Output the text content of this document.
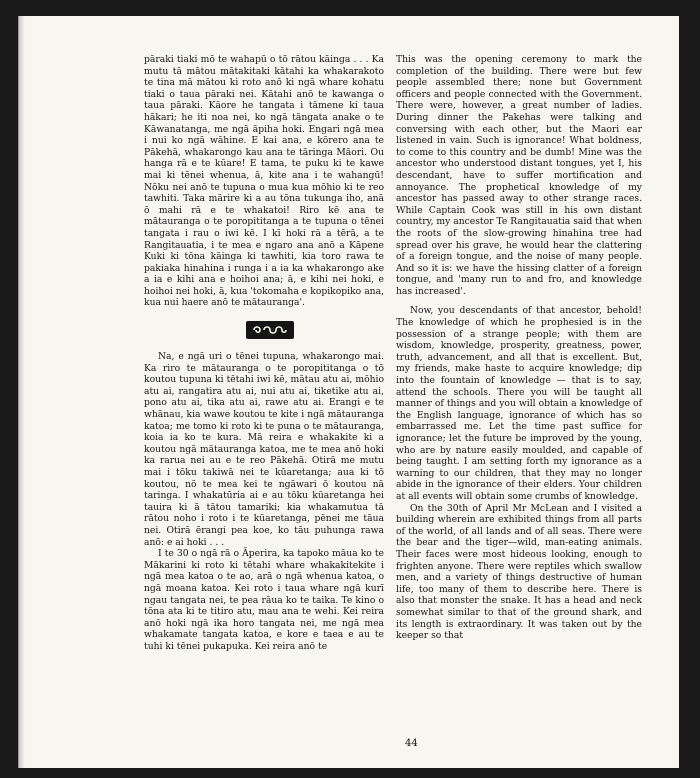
pāraki tiaki mō te wahapū o tō rātou kāinga . . . Ka mutu tā mātou mātakitaki kātahi ka whakarakoto te tina mā mātou ki roto anō ki ngā whare kohatu tiaki o taua pāraki nei. Kātahi anō te kawanga o taua pāraki. Kāore he tangata i tāmene ki taua hākari; he iti noa nei, ko ngā tāngata anake o te Kāwanatanga, me ngā āpiha hoki. Engari ngā mea i nui ko ngā wāhine. E kai ana, e kōrero ana te Pākehā, whakarongo kau ana te tāringa Māori. Ou hanga rā e te kūare! E tama, te puku ki te kawe mai ki tēnei whenua, ā, kite ana i te wahangū! Nōku nei anō te tupuna o mua kua mōhio ki te reo tawhiti. Taka mārire ki a au tōna tukunga iho, anā ō mahi rā e te whakatoi! Riro kē ana te mātauranga o te poropititanga a te tupuna o tēnei tangata i rau o iwi kē. I kī hoki rā a tērā, a te Rangitauatia, i te mea e ngaro ana anō a Kāpene Kuki ki tōna kāinga ki tawhiti, kia toro rawa te pakiaka hinahina i runga i a ia ka whakarongo ake a ia e kihi ana e hoihoi ana; ā, e kihi nei hoki, e hoihoi nei hoki, ā, kua 'tokomaha e kopikopiko ana, kua nui haere anō te mātauranga'.

Na, e ngā uri o tēnei tupuna, whakarongo mai. Ka riro te mātauranga o te poropititanga o tō koutou tupuna ki tētahi iwi kē, mātau atu ai, mōhio atu ai, rangatira atu ai, nui atu ai, tiketike atu ai, pono atu ai, tika atu ai, rawe atu ai. Erangi e te whānau, kia wawe koutou te kite i ngā mātauranga katoa; me tomo ki roto ki te puna o te mātauranga, koia ia ko te kura. Mā reira e whakakite ki a koutou ngā mātauranga katoa, me te mea anō hoki ka rarua nei au e te reo Pākehā. Otirā me mutu mai i tōku takiwā nei te kūaretanga; aua ki tō koutou, nō te mea kei te ngāwari ō koutou nā taringa. I whakatūria ai e au tōku kūaretanga hei tauira ki ā tātou tamariki; kia whakamutua tā rātou noho i roto i te kūaretanga, pēnei me tāua nei. Otirā ērangi pea koe, ko tāu puhunga rawa anō: e ai hoki . . .

I te 30 o ngā rā o Āperira, ka tapoko māua ko te Mākarini ki roto ki tētahi whare whakakitekite i ngā mea katoa o te ao, arā o ngā whenua katoa, o ngā moana katoa. Kei roto i taua whare ngā kurī ngau tangata nei, te pea rāua ko te taika. Te kino o tōna ata ki te titiro atu, mau ana te wehi. Kei reira anō hoki ngā ika horo tangata nei, me ngā mea whakamate tangata katoa, e kore e taea e au te tuhi ki tēnei pukapuka. Kei reira anō te

This was the opening ceremony to mark the completion of the building. There were but few people assembled there; none but Government officers and people connected with the Government. There were, however, a great number of ladies. During dinner the Pakehas were talking and conversing with each other, but the Maori ear listened in vain. Such is ignorance! What boldness, to come to this country and be dumb! Mine was the ancestor who understood distant tongues, yet I, his descendant, have to suffer mortification and annoyance. The prophetical knowledge of my ancestor has passed away to other strange races. While Captain Cook was still in his own distant country, my ancestor Te Rangitauatia said that when the roots of the slow-growing hinahina tree had spread over his grave, he would hear the clattering of a foreign tongue, and the noise of many people. And so it is: we have the hissing clatter of a foreign tongue, and 'many run to and fro, and knowledge has increased'.

Now, you descendants of that ancestor, behold! The knowledge of which he prophesied is in the possession of a strange people; with them are wisdom, knowledge, prosperity, greatness, power, truth, advancement, and all that is excellent. But, my friends, make haste to acquire knowledge; dip into the fountain of knowledge — that is to say, attend the schools. There you will be taught all manner of things and you will obtain a knowledge of the English language, ignorance of which has so embarrassed me. Let the time past suffice for ignorance; let the future be improved by the young, who are by nature easily moulded, and capable of being taught. I am setting forth my ignorance as a warning to our children, that they may no longer abide in the ignorance of their elders. Your children at all events will obtain some crumbs of knowledge.

On the 30th of April Mr McLean and I visited a building wherein are exhibited things from all parts of the world, of all lands and of all seas. There were the bear and the tiger—wild, man-eating animals. Their faces were most hideous looking, enough to frighten anyone. There were reptiles which swallow men, and a variety of things destructive of human life, too many of them to describe here. There is also that monster the snake. It has a head and neck somewhat similar to that of the ground shark, and its length is extraordinary. It was taken out by the keeper so that

44
